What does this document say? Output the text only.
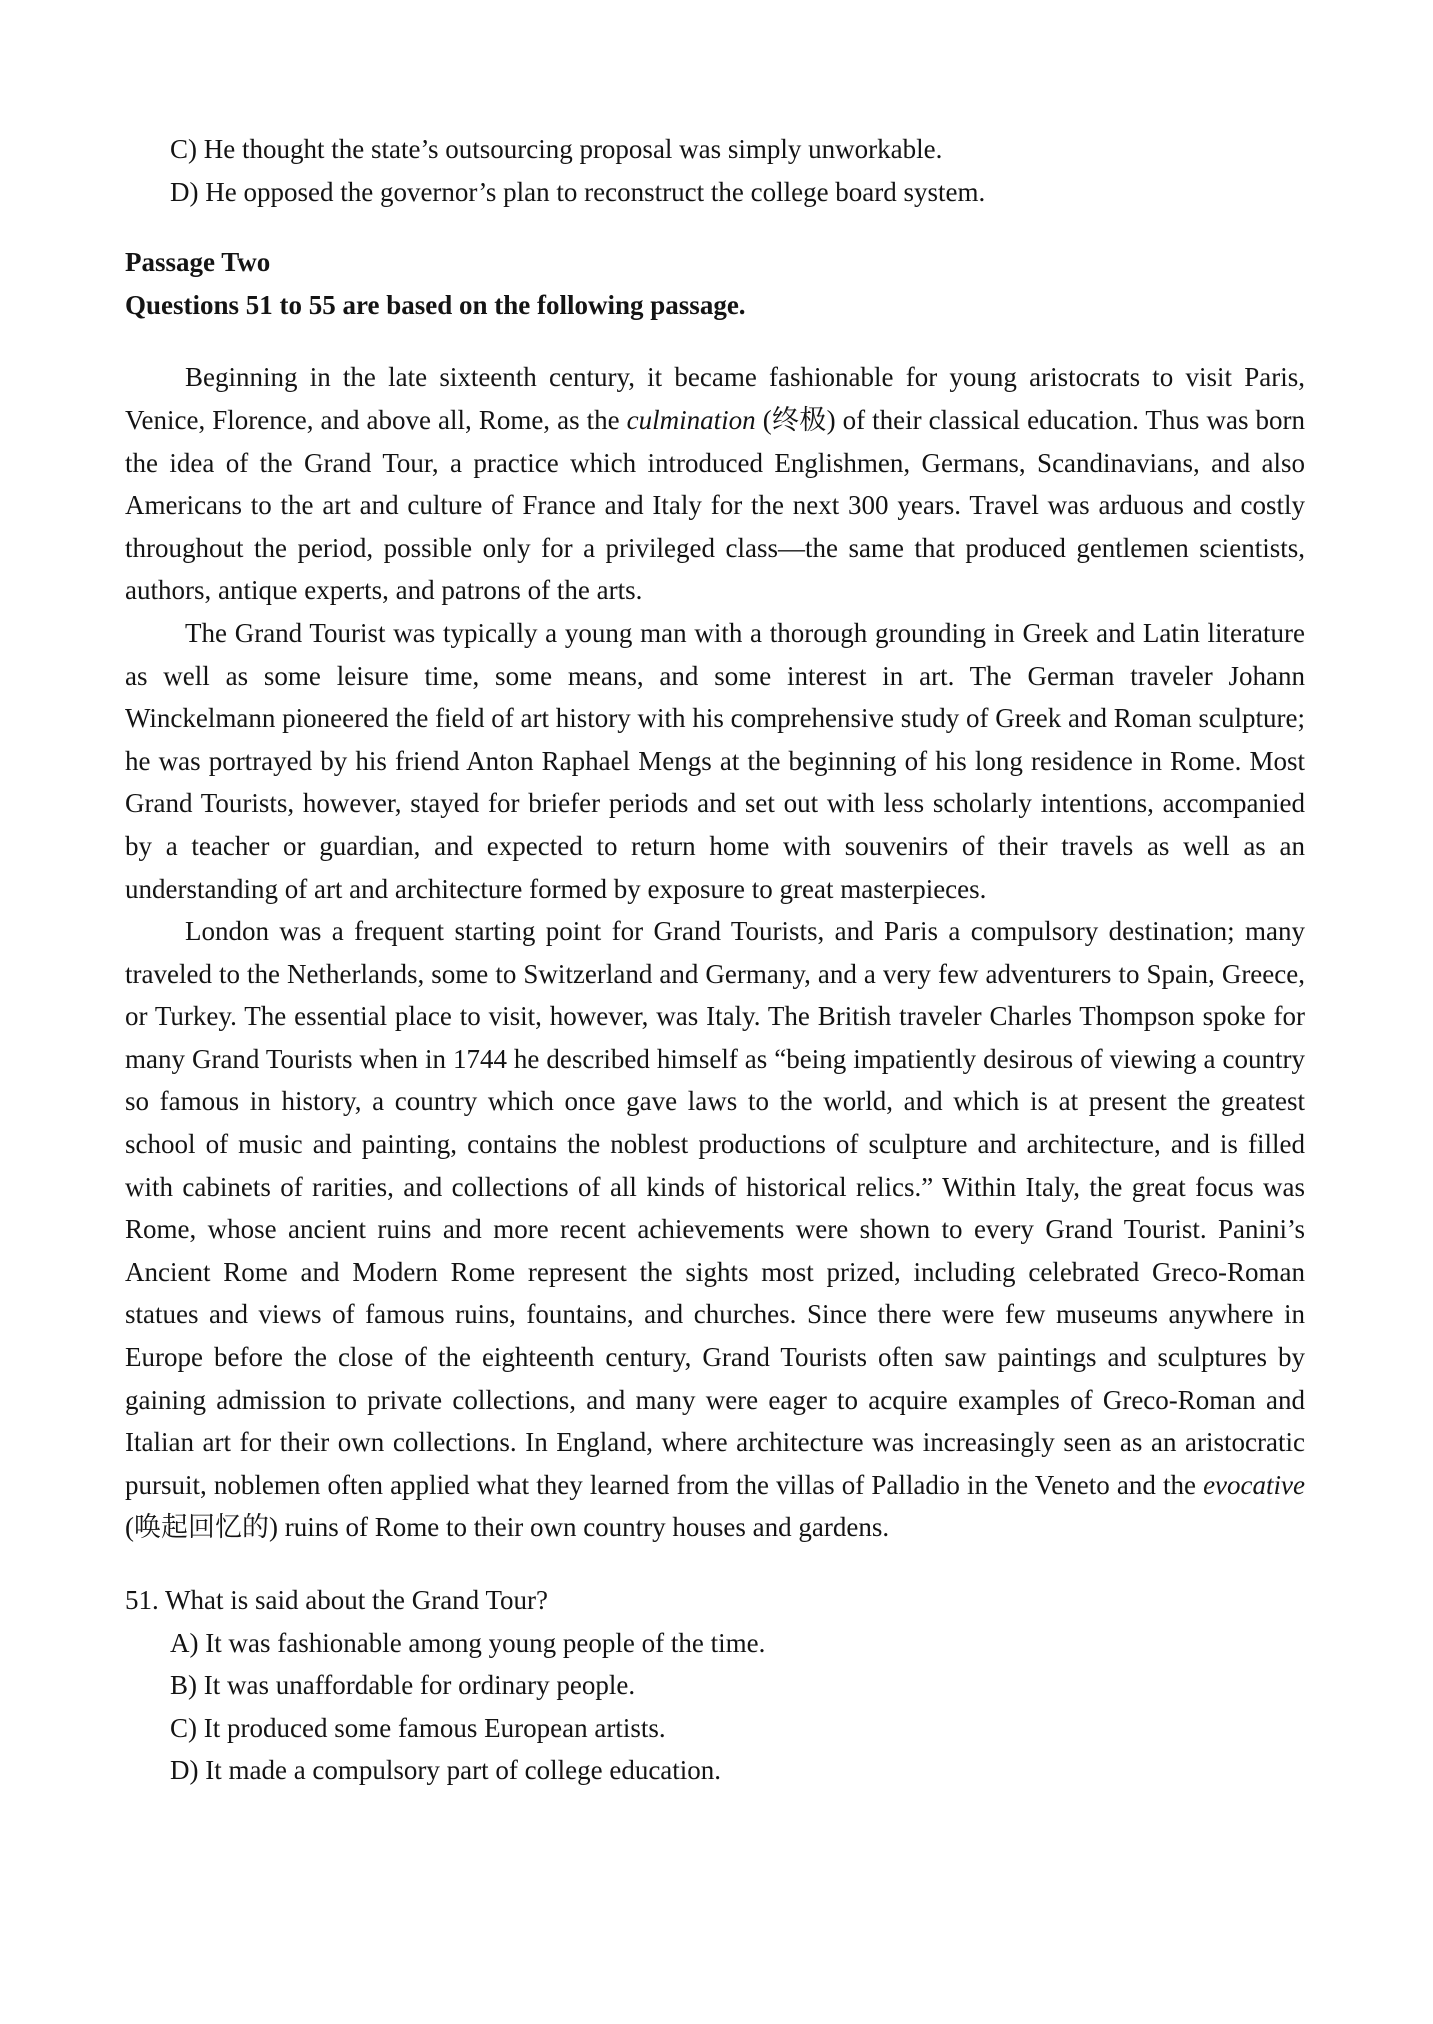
C) He thought the state’s outsourcing proposal was simply unworkable.
D) He opposed the governor’s plan to reconstruct the college board system.

Passage Two

Questions 51 to 55 are based on the following passage.

Beginning in the late sixteenth century, it became fashionable for young aristocrats to visit Paris, Venice, Florence, and above all, Rome, as the culmination (终极) of their classical education. Thus was born the idea of the Grand Tour, a practice which introduced Englishmen, Germans, Scandinavians, and also Americans to the art and culture of France and Italy for the next 300 years. Travel was arduous and costly throughout the period, possible only for a privileged class—the same that produced gentlemen scientists, authors, antique experts, and patrons of the arts.

The Grand Tourist was typically a young man with a thorough grounding in Greek and Latin literature as well as some leisure time, some means, and some interest in art. The German traveler Johann Winckelmann pioneered the field of art history with his comprehensive study of Greek and Roman sculpture; he was portrayed by his friend Anton Raphael Mengs at the beginning of his long residence in Rome. Most Grand Tourists, however, stayed for briefer periods and set out with less scholarly intentions, accompanied by a teacher or guardian, and expected to return home with souvenirs of their travels as well as an understanding of art and architecture formed by exposure to great masterpieces.

London was a frequent starting point for Grand Tourists, and Paris a compulsory destination; many traveled to the Netherlands, some to Switzerland and Germany, and a very few adventurers to Spain, Greece, or Turkey. The essential place to visit, however, was Italy. The British traveler Charles Thompson spoke for many Grand Tourists when in 1744 he described himself as “being impatiently desirous of viewing a country so famous in history, a country which once gave laws to the world, and which is at present the greatest school of music and painting, contains the noblest productions of sculpture and architecture, and is filled with cabinets of rarities, and collections of all kinds of historical relics.” Within Italy, the great focus was Rome, whose ancient ruins and more recent achievements were shown to every Grand Tourist. Panini’s Ancient Rome and Modern Rome represent the sights most prized, including celebrated Greco-Roman statues and views of famous ruins, fountains, and churches. Since there were few museums anywhere in Europe before the close of the eighteenth century, Grand Tourists often saw paintings and sculptures by gaining admission to private collections, and many were eager to acquire examples of Greco-Roman and Italian art for their own collections. In England, where architecture was increasingly seen as an aristocratic pursuit, noblemen often applied what they learned from the villas of Palladio in the Veneto and the evocative (唤起回忆的) ruins of Rome to their own country houses and gardens.

51. What is said about the Grand Tour?

A) It was fashionable among young people of the time.
B) It was unaffordable for ordinary people.
C) It produced some famous European artists.
D) It made a compulsory part of college education.
